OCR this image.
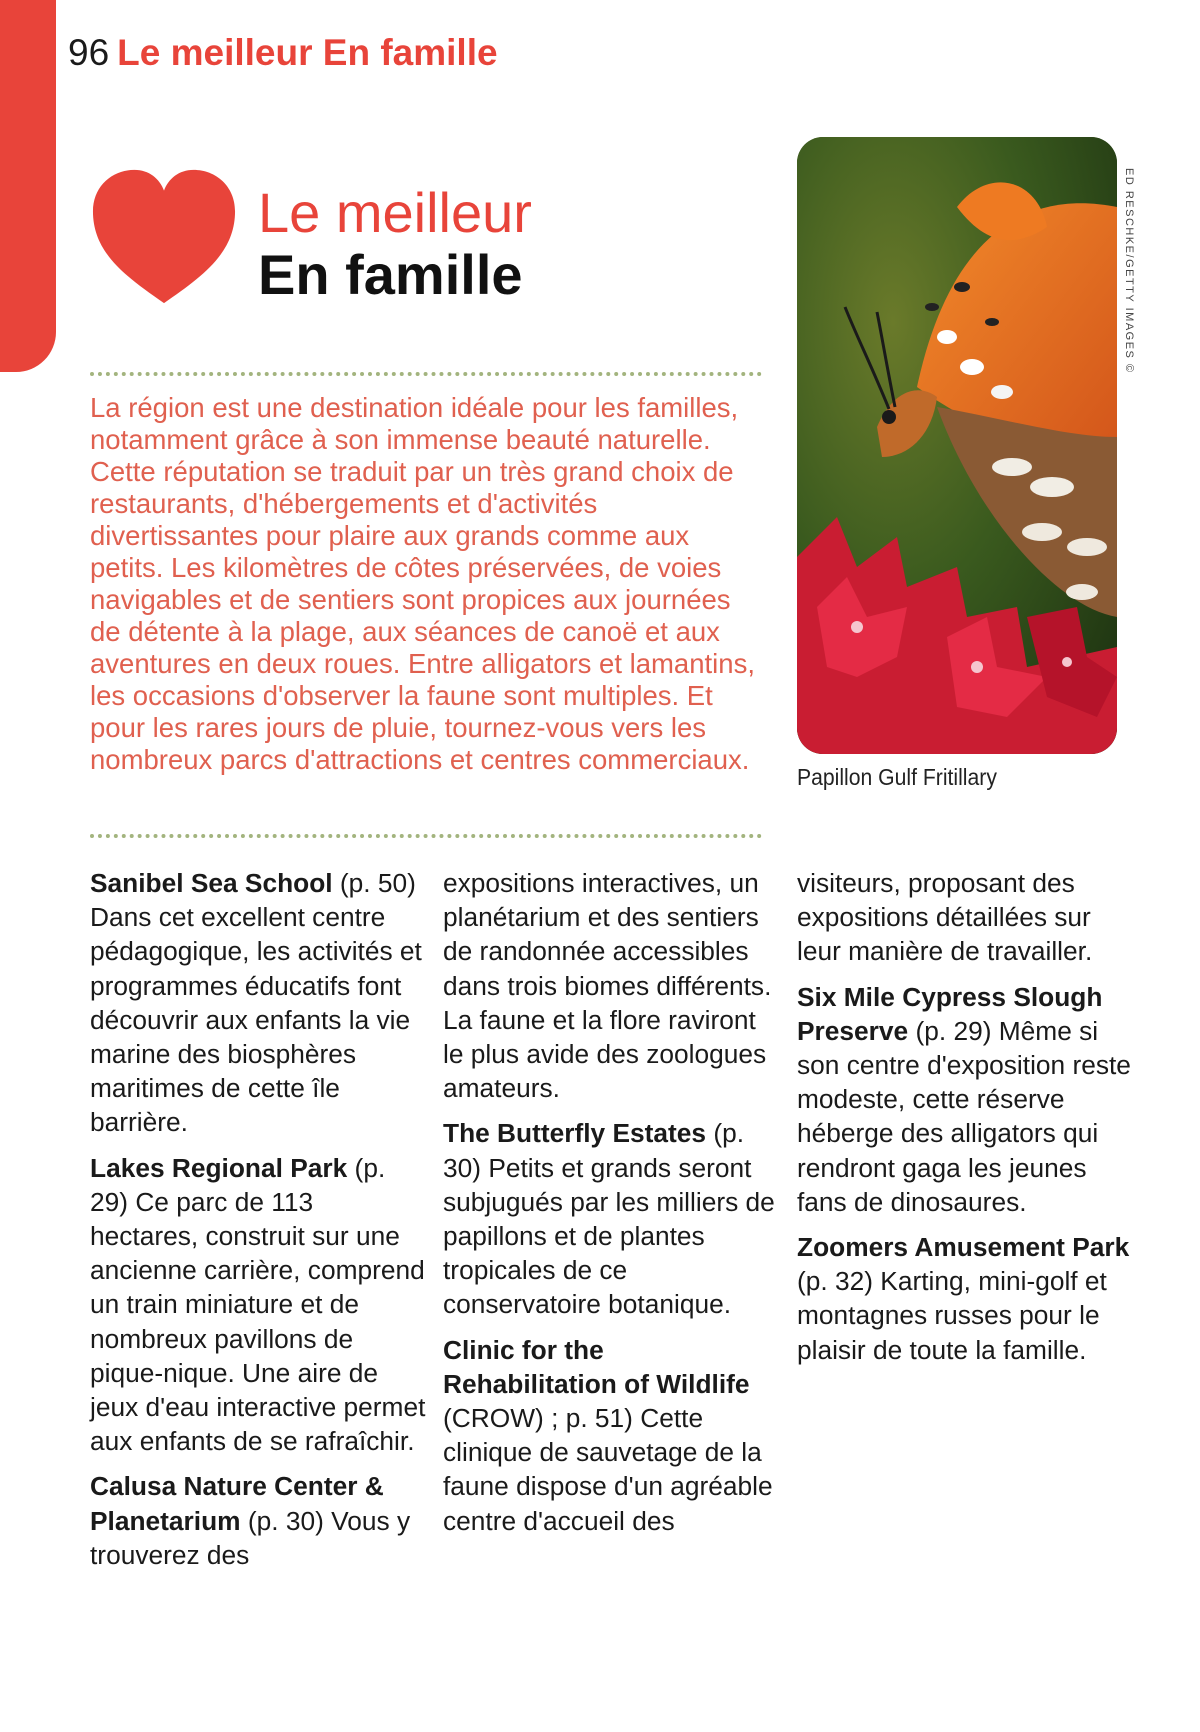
96 Le meilleur En famille
Le meilleur
En famille
La région est une destination idéale pour les familles, notamment grâce à son immense beauté naturelle. Cette réputation se traduit par un très grand choix de restaurants, d'hébergements et d'activités divertissantes pour plaire aux grands comme aux petits. Les kilomètres de côtes préservées, de voies navigables et de sentiers sont propices aux journées de détente à la plage, aux séances de canoë et aux aventures en deux roues. Entre alligators et lamantins, les occasions d'observer la faune sont multiples. Et pour les rares jours de pluie, tournez-vous vers les nombreux parcs d'attractions et centres commerciaux.
ED RESCHKE/GETTY IMAGES ©
Papillon Gulf Fritillary

Sanibel Sea School (p. 50) Dans cet excellent centre pédagogique, les activités et programmes éducatifs font découvrir aux enfants la vie marine des biosphères maritimes de cette île barrière.

Lakes Regional Park (p. 29) Ce parc de 113 hectares, construit sur une ancienne carrière, comprend un train miniature et de nombreux pavillons de pique-nique. Une aire de jeux d'eau interactive permet aux enfants de se rafraîchir.

Calusa Nature Center & Planetarium (p. 30) Vous y trouverez des

expositions interactives, un planétarium et des sentiers de randonnée accessibles dans trois biomes différents. La faune et la flore raviront le plus avide des zoologues amateurs.

The Butterfly Estates (p. 30) Petits et grands seront subjugués par les milliers de papillons et de plantes tropicales de ce conservatoire botanique.

Clinic for the Rehabilitation of Wildlife (CROW) ; p. 51) Cette clinique de sauvetage de la faune dispose d'un agréable centre d'accueil des

visiteurs, proposant des expositions détaillées sur leur manière de travailler.

Six Mile Cypress Slough Preserve (p. 29) Même si son centre d'exposition reste modeste, cette réserve héberge des alligators qui rendront gaga les jeunes fans de dinosaures.

Zoomers Amusement Park (p. 32) Karting, mini-golf et montagnes russes pour le plaisir de toute la famille.
